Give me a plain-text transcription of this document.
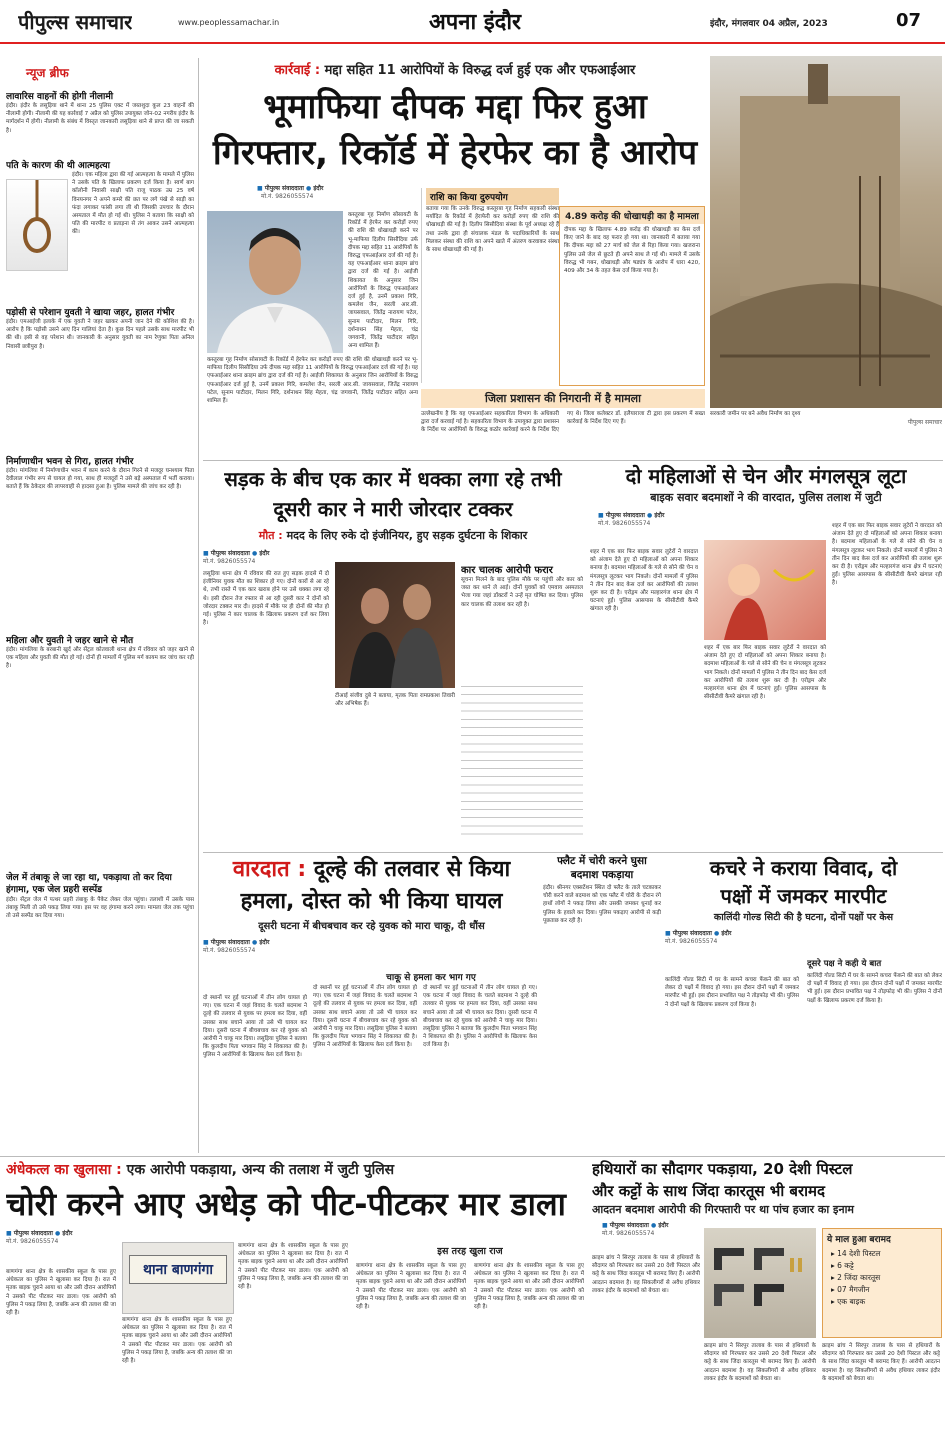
पीपुल्स समाचार	www.peoplessamachar.in	अपना इंदौर	इंदौर, मंगलवार 04 अप्रैल, 2023	07
न्यूज ब्रीफ
लावारिस वाहनों की होगी नीलामी
इंदौर। इंदौर के लसूड़िया थाने में थाना 25 पुलिस एक्ट में जब्तशुदा कुल 23 वाहनों की नीलामी होगी। नीलामी की यह कार्रवाई 7 अप्रैल को पुलिस उपायुक्त जोन-02 नगरीय इंदौर के मार्गदर्शन में होगी। नीलामी के संबंध में विस्तृत जानकारी लसूड़िया थाने से प्राप्त की जा सकती है।
पति के कारण की थी आत्महत्या
इंदौर। एक महिला द्वारा की गई आत्महत्या के मामले में पुलिस ने उसके पति के खिलाफ प्रकरण दर्ज किया है। स्वर्ण बाग कॉलोनी निवासी साक्षी पति राजू पाठक उम्र 25 वर्ष विनयनगर ने अपने कमरे की छत पर लगे पंखे से साड़ी का फंदा लगाकर फांसी लगा ली थी जिसकी उपचार के दौरान अस्पताल में मौत हो गई थी। पुलिस ने बताया कि साक्षी को पति की मारपीट व प्रताड़ना से तंग आकर उसने आत्महत्या की।
पड़ोसी से परेशान युवती ने खाया जहर, हालत गंभीर
इंदौर। एमआईजी इलाके में एक युवती ने जहर खाकर अपनी जान देने की कोशिश की है। आरोप है कि पड़ोसी उसने आए दिन गालियां देता है। कुछ दिन पहले उसके साथ मारपीट भी की थी। इसी से वह परेशान थी। जानकारी के अनुसार युवती का नाम रेणुका पिता अनिल निवासी छत्रीपुरा है।
निर्माणाधीन भवन से गिरा, हालत गंभीर
इंदौर। मांगलिया में निर्माणाधीन भवन में काम करने के दौरान गिरने से मजदूर घनश्याम पिता देवीलाल गंभीर रूप से घायल हो गया, साथ ही मजदूरों ने उसे बड़े अस्पताल में भर्ती कराया। बताते हैं कि ठेकेदार की लापरवाही से हादसा हुआ है। पुलिस मामले की जांच कर रही है।
महिला और युवती ने जहर खाने से मौत
इंदौर। मांगलिया के बरबानी खुर्द और सेंट्रल कोतवाली थाना क्षेत्र में रविवार को जहर खाने से एक महिला और युवती की मौत हो गई। दोनों ही मामलों में पुलिस मर्ग कायम कर जांच कर रही है।
जेल में तंबाकू ले जा रहा था, पकड़ाया तो कर दिया हंगामा, एक जेल प्रहरी सस्पेंड
इंदौर। सेंट्रल जेल में पत्थर प्रहरी तंबाकू के पैकेट लेकर जेल पहुंचा। तलाशी में उसके पास तंबाकू मिली तो उसे पकड़ लिया गया। इस पर वह हंगामा करने लगा। मामला जेल तक पहुंचा तो उसे सस्पेंड कर दिया गया।
कार्रवाई : मद्दा सहित 11 आरोपियों के विरुद्ध दर्ज हुई एक और एफआईआर
भूमाफिया दीपक मद्दा फिर हुआ गिरफ्तार, रिकॉर्ड में हेरफेर का है आरोप
■ पीपुल्स संवाददाता ● इंदौर
मो.नं. 9826055574
कस्तूरबा गृह निर्माण सोसायटी के रिकॉर्ड में हेरफेर कर करोड़ों रुपए की राशि की धोखाधड़ी करने पर भू-माफिया दिलीप सिसौदिया उर्फ दीपक मद्दा सहित 11 आरोपियों के विरुद्ध एफआईआर दर्ज की गई है। यह एफआईआर थाना क्राइम ब्रांच द्वारा दर्ज की गई है। आईजी शिकायत के अनुसार जिन आरोपियों के विरुद्ध एफआईआर दर्ज हुई है, उनमें प्रकाश गिरि, कमलेश जैन, सरली आर.सी. जायसवाल, जितेंद्र नारायण पटेल, सुनाम पाटीदार, मिलन गिरि, दर्शनाथन सिंह मेहता, चंद्र जगवानी, जितेंद्र पाटीदार सहित अन्य शामिल हैं।
कस्तूरबा गृह निर्माण सोसायटी के रिकॉर्ड में हेरफेर कर करोड़ों रुपए की राशि की धोखाधड़ी करने पर भू-माफिया दिलीप सिसौदिया उर्फ दीपक मद्दा सहित 11 आरोपियों के विरुद्ध एफआईआर दर्ज की गई है। यह एफआईआर थाना क्राइम ब्रांच द्वारा दर्ज की गई है। आईजी शिकायत के अनुसार जिन आरोपियों के विरुद्ध एफआईआर दर्ज हुई है, उनमें प्रकाश गिरि, कमलेश जैन, सरली आर.सी. जायसवाल, जितेंद्र नारायण पटेल, सुनाम पाटीदार, मिलन गिरि, दर्शनाथन सिंह मेहता, चंद्र जगवानी, जितेंद्र पाटीदार सहित अन्य शामिल हैं।
राशि का किया दुरुपयोग
बताया गया कि उनके विरुद्ध कस्तूरबा गृह निर्माण सहकारी संस्था मर्यादित के रिकॉर्ड में हेराफेरी कर करोड़ों रुपए की राशि की धोखाधड़ी की गई है। दिलीप सिसौदिया संस्था के पूर्व अध्यक्ष रहे हैं तथा उनके द्वारा ही संचालक मंडल के पदाधिकारियों के साथ मिलकर संस्था की राशि का अपने खाते में अंतरण करवाकर संस्था के साथ धोखाधड़ी की गई है।
4.89 करोड़ की धोखाधड़ी का है मामला
दीपक मद्दा के खिलाफ 4.89 करोड़ की धोखाधड़ी का केस दर्ज किए जाने के बाद वह फरार हो गया था। जानकारी में बताया गया कि दीपक मद्दा को 27 मार्च को जेल से रिहा किया गया। खजराना पुलिस उसे जेल से छूटते ही अपने साथ ले गई थी। मामले में उसके विरुद्ध भी गबन, धोखाधड़ी और षड्यंत्र के आरोप में धारा 420, 409 और 34 के तहत केस दर्ज किया गया है।
जिला प्रशासन की निगरानी में है मामला
उल्लेखनीय है कि यह एफआईआर सहकारिता विभाग के अधिकारी द्वारा दर्ज करवाई गई है। सहकारिता विभाग के उपायुक्त द्वारा प्रशासन के निर्देश पर आरोपियों के विरुद्ध कठोर कार्रवाई करने के निर्देश दिए गए थे। जिला कलेक्टर डॉ. इलैयाराजा टी द्वारा इस प्रकरण में सख्त कार्रवाई के निर्देश दिए गए हैं।
सरकारी जमीन पर बने अवैध निर्माण का दृश्य
पीपुल्स समाचार
सड़क के बीच एक कार में धक्का लगा रहे तभी दूसरी कार ने मारी जोरदार टक्कर
मौत : मदद के लिए रुके दो इंजीनियर, हुए सड़क दुर्घटना के शिकार
■ पीपुल्स संवाददाता ● इंदौर
मो.नं. 9826055574
लसूड़िया थाना क्षेत्र में रविवार की रात हुए सड़क हादसे में दो इंजीनियर युवक मौत का शिकार हो गए। दोनों कारों से आ रहे थे, तभी रास्ते में एक कार खराब होने पर उसे धक्का लगा रहे थे। इसी दौरान तेज रफ्तार से आ रही दूसरी कार ने दोनों को जोरदार टक्कर मार दी। हादसे में मौके पर ही दोनों की मौत हो गई। पुलिस ने कार चालक के खिलाफ प्रकरण दर्ज कर लिया है।
टीआई संजीव दुबे ने बताया, मृतक पिता रामप्रकाश तिवारी और अभिषेक हैं।
कार चालक आरोपी फरार
सूचना मिलने के बाद पुलिस मौके पर पहुंची और कार को जब्त कर थाने ले आई। दोनों युवकों को एमवाय अस्पताल भेजा गया जहां डॉक्टरों ने उन्हें मृत घोषित कर दिया। पुलिस कार चालक की तलाश कर रही है।
दो महिलाओं से चेन और मंगलसूत्र लूटा
बाइक सवार बदमाशों ने की वारदात, पुलिस तलाश में जुटी
■ पीपुल्स संवाददाता ● इंदौर
मो.नं. 9826055574
शहर में एक बार फिर बाइक सवार लुटेरों ने वारदात को अंजाम देते हुए दो महिलाओं को अपना शिकार बनाया है। बदमाश महिलाओं के गले से सोने की चेन व मंगलसूत्र लूटकर भाग निकले। दोनों मामलों में पुलिस ने तीन दिन बाद केस दर्ज कर आरोपियों की तलाश शुरू कर दी है। एरोड्रम और मल्हारगंज थाना क्षेत्र में घटनाएं हुईं। पुलिस आसपास के सीसीटीवी कैमरे खंगाल रही है।
शहर में एक बार फिर बाइक सवार लुटेरों ने वारदात को अंजाम देते हुए दो महिलाओं को अपना शिकार बनाया है। बदमाश महिलाओं के गले से सोने की चेन व मंगलसूत्र लूटकर भाग निकले। दोनों मामलों में पुलिस ने तीन दिन बाद केस दर्ज कर आरोपियों की तलाश शुरू कर दी है। एरोड्रम और मल्हारगंज थाना क्षेत्र में घटनाएं हुईं। पुलिस आसपास के सीसीटीवी कैमरे खंगाल रही है।
शहर में एक बार फिर बाइक सवार लुटेरों ने वारदात को अंजाम देते हुए दो महिलाओं को अपना शिकार बनाया है। बदमाश महिलाओं के गले से सोने की चेन व मंगलसूत्र लूटकर भाग निकले। दोनों मामलों में पुलिस ने तीन दिन बाद केस दर्ज कर आरोपियों की तलाश शुरू कर दी है। एरोड्रम और मल्हारगंज थाना क्षेत्र में घटनाएं हुईं। पुलिस आसपास के सीसीटीवी कैमरे खंगाल रही है।
वारदात : दूल्हे की तलवार से किया
हमला, दोस्त को भी किया घायल
दूसरी घटना में बीचबचाव कर रहे युवक को मारा चाकू, दी धौंस
■ पीपुल्स संवाददाता ● इंदौर
मो.नं. 9826055574
चाकू से हमला कर भाग गए
दो स्थानों पर हुई घटनाओं में तीन लोग घायल हो गए। एक घटना में जहां विवाद के चलते बदमाश ने दूल्हे की तलवार से युवक पर हमला कर दिया, वहीं उसका साथ बचाने आया तो उसे भी घायल कर दिया। दूसरी घटना में बीचबचाव कर रहे युवक को आरोपी ने चाकू मार दिया। लसूड़िया पुलिस ने बताया कि कुलदीप पिता भगवान सिंह ने शिकायत की है। पुलिस ने आरोपियों के खिलाफ केस दर्ज किया है।
दो स्थानों पर हुई घटनाओं में तीन लोग घायल हो गए। एक घटना में जहां विवाद के चलते बदमाश ने दूल्हे की तलवार से युवक पर हमला कर दिया, वहीं उसका साथ बचाने आया तो उसे भी घायल कर दिया। दूसरी घटना में बीचबचाव कर रहे युवक को आरोपी ने चाकू मार दिया। लसूड़िया पुलिस ने बताया कि कुलदीप पिता भगवान सिंह ने शिकायत की है। पुलिस ने आरोपियों के खिलाफ केस दर्ज किया है।
दो स्थानों पर हुई घटनाओं में तीन लोग घायल हो गए। एक घटना में जहां विवाद के चलते बदमाश ने दूल्हे की तलवार से युवक पर हमला कर दिया, वहीं उसका साथ बचाने आया तो उसे भी घायल कर दिया। दूसरी घटना में बीचबचाव कर रहे युवक को आरोपी ने चाकू मार दिया। लसूड़िया पुलिस ने बताया कि कुलदीप पिता भगवान सिंह ने शिकायत की है। पुलिस ने आरोपियों के खिलाफ केस दर्ज किया है।
फ्लैट में चोरी करने घुसा बदमाश पकड़ाया
इंदौर। श्रीनगर एक्सटेंशन स्थित दो फ्लैट के ताले चटकाकर चोरी करने वाले बदमाश को एक फ्लैट में चोरी के दौरान रंगे हाथों लोगों ने पकड़ लिया और उसकी जमकर धुनाई कर पुलिस के हवाले कर दिया। पुलिस पकड़ाए आरोपी से कड़ी पूछताछ कर रही है।
कचरे ने कराया विवाद, दो
पक्षों में जमकर मारपीट
कालिंदी गोल्ड सिटी की है घटना, दोनों पक्षों पर केस
■ पीपुल्स संवाददाता ● इंदौर
मो.नं. 9826055574
दूसरे पक्ष ने कही ये बात
कालिंदी गोल्ड सिटी में घर के सामने कचरा फेंकने की बात को लेकर दो पक्षों में विवाद हो गया। इस दौरान दोनों पक्षों में जमकर मारपीट भी हुई। इस दौरान प्रभावित पक्ष ने तोड़फोड़ भी की। पुलिस ने दोनों पक्षों के खिलाफ प्रकरण दर्ज किया है।
कालिंदी गोल्ड सिटी में घर के सामने कचरा फेंकने की बात को लेकर दो पक्षों में विवाद हो गया। इस दौरान दोनों पक्षों में जमकर मारपीट भी हुई। इस दौरान प्रभावित पक्ष ने तोड़फोड़ भी की। पुलिस ने दोनों पक्षों के खिलाफ प्रकरण दर्ज किया है।
अंधेकत्ल का खुलासा : एक आरोपी पकड़ाया, अन्य की तलाश में जुटी पुलिस
चोरी करने आए अधेड़ को पीट-पीटकर मार डाला
■ पीपुल्स संवाददाता ● इंदौर
मो.नं. 9826055574
बाणगंगा थाना क्षेत्र के शासकीय स्कूल के पास हुए अंधेकत्ल का पुलिस ने खुलासा कर दिया है। रात में मृतक बाइक चुराने आया था और उसी दौरान आरोपियों ने उसको पीट पीटकर मार डाला। एक आरोपी को पुलिस ने पकड़ लिया है, जबकि अन्य की तलाश की जा रही है।
थाना बाणगंगा
बाणगंगा थाना क्षेत्र के शासकीय स्कूल के पास हुए अंधेकत्ल का पुलिस ने खुलासा कर दिया है। रात में मृतक बाइक चुराने आया था और उसी दौरान आरोपियों ने उसको पीट पीटकर मार डाला। एक आरोपी को पुलिस ने पकड़ लिया है, जबकि अन्य की तलाश की जा रही है।
बाणगंगा थाना क्षेत्र के शासकीय स्कूल के पास हुए अंधेकत्ल का पुलिस ने खुलासा कर दिया है। रात में मृतक बाइक चुराने आया था और उसी दौरान आरोपियों ने उसको पीट पीटकर मार डाला। एक आरोपी को पुलिस ने पकड़ लिया है, जबकि अन्य की तलाश की जा रही है।
इस तरह खुला राज
बाणगंगा थाना क्षेत्र के शासकीय स्कूल के पास हुए अंधेकत्ल का पुलिस ने खुलासा कर दिया है। रात में मृतक बाइक चुराने आया था और उसी दौरान आरोपियों ने उसको पीट पीटकर मार डाला। एक आरोपी को पुलिस ने पकड़ लिया है, जबकि अन्य की तलाश की जा रही है।
बाणगंगा थाना क्षेत्र के शासकीय स्कूल के पास हुए अंधेकत्ल का पुलिस ने खुलासा कर दिया है। रात में मृतक बाइक चुराने आया था और उसी दौरान आरोपियों ने उसको पीट पीटकर मार डाला। एक आरोपी को पुलिस ने पकड़ लिया है, जबकि अन्य की तलाश की जा रही है।
हथियारों का सौदागर पकड़ाया, 20 देशी पिस्टल
और कट्टों के साथ जिंदा कारतूस भी बरामद
आदतन बदमाश आरोपी की गिरफ्तारी पर था पांच हजार का इनाम
■ पीपुल्स संवाददाता ● इंदौर
मो.नं. 9826055574
क्राइम ब्रांच ने सिरपुर तालाब के पास से हथियारों के सौदागर को गिरफ्तार कर उससे 20 देशी पिस्टल और कट्टे के साथ जिंदा कारतूस भी बरामद किए हैं। आरोपी आदतन बदमाश है। वह सिकलीगरों से अवैध हथियार लाकर इंदौर के बदमाशों को बेचता था।
क्राइम ब्रांच ने सिरपुर तालाब के पास से हथियारों के सौदागर को गिरफ्तार कर उससे 20 देशी पिस्टल और कट्टे के साथ जिंदा कारतूस भी बरामद किए हैं। आरोपी आदतन बदमाश है। वह सिकलीगरों से अवैध हथियार लाकर इंदौर के बदमाशों को बेचता था।
ये माल हुआ बरामद
▸ 14 देशी पिस्टल
▸ 6 कट्टे
▸ 2 जिंदा कारतूस
▸ 07 मैगजीन
▸ एक बाइक
क्राइम ब्रांच ने सिरपुर तालाब के पास से हथियारों के सौदागर को गिरफ्तार कर उससे 20 देशी पिस्टल और कट्टे के साथ जिंदा कारतूस भी बरामद किए हैं। आरोपी आदतन बदमाश है। वह सिकलीगरों से अवैध हथियार लाकर इंदौर के बदमाशों को बेचता था।
